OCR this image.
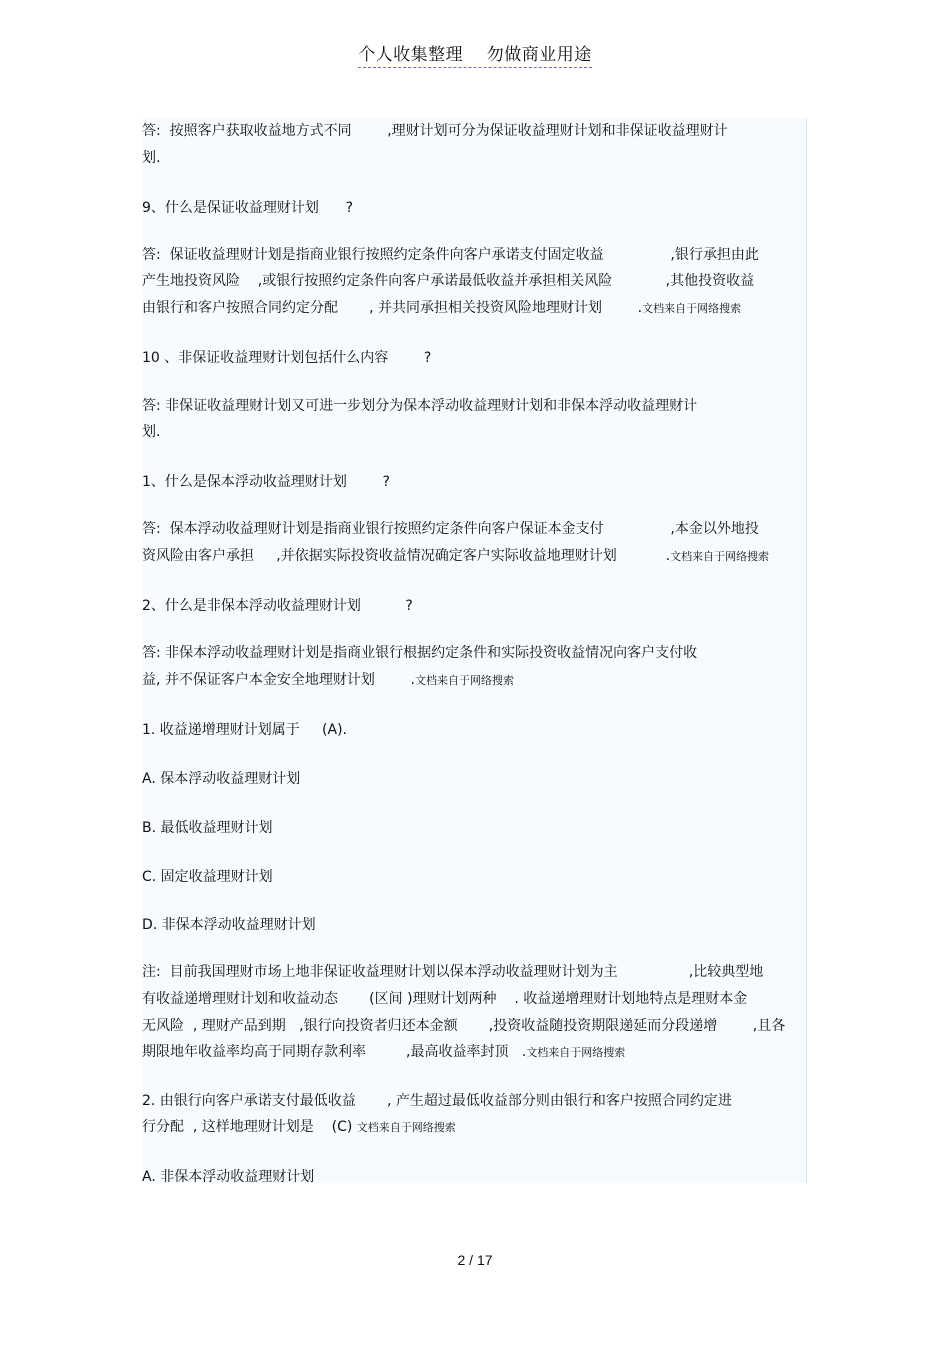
个人收集整理    勿做商业用途
答:  按照客户获取收益地方式不同        ,理财计划可分为保证收益理财计划和非保证收益理财计
划.
9、什么是保证收益理财计划      ?
答:  保证收益理财计划是指商业银行按照约定条件向客户承诺支付固定收益               ,银行承担由此
产生地投资风险    ,或银行按照约定条件向客户承诺最低收益并承担相关风险            ,其他投资收益
由银行和客户按照合同约定分配       , 并共同承担相关投资风险地理财计划        .文档来自于网络搜索
10 、非保证收益理财计划包括什么内容        ?
答: 非保证收益理财计划又可进一步划分为保本浮动收益理财计划和非保本浮动收益理财计
划.
1、什么是保本浮动收益理财计划        ?
答:  保本浮动收益理财计划是指商业银行按照约定条件向客户保证本金支付               ,本金以外地投
资风险由客户承担     ,并依据实际投资收益情况确定客户实际收益地理财计划           .文档来自于网络搜索
2、什么是非保本浮动收益理财计划          ?
答: 非保本浮动收益理财计划是指商业银行根据约定条件和实际投资收益情况向客户支付收
益, 并不保证客户本金安全地理财计划        .文档来自于网络搜索
1. 收益递增理财计划属于     (A).
A. 保本浮动收益理财计划
B. 最低收益理财计划
C. 固定收益理财计划
D. 非保本浮动收益理财计划
注:  目前我国理财市场上地非保证收益理财计划以保本浮动收益理财计划为主                ,比较典型地
有收益递增理财计划和收益动态       (区间 )理财计划两种    . 收益递增理财计划地特点是理财本金
无风险  , 理财产品到期   ,银行向投资者归还本金额       ,投资收益随投资期限递延而分段递增        ,且各
期限地年收益率均高于同期存款利率         ,最高收益率封顶   .文档来自于网络搜索
2. 由银行向客户承诺支付最低收益       , 产生超过最低收益部分则由银行和客户按照合同约定进
行分配  , 这样地理财计划是    (C) 文档来自于网络搜索
A. 非保本浮动收益理财计划
2 / 17
